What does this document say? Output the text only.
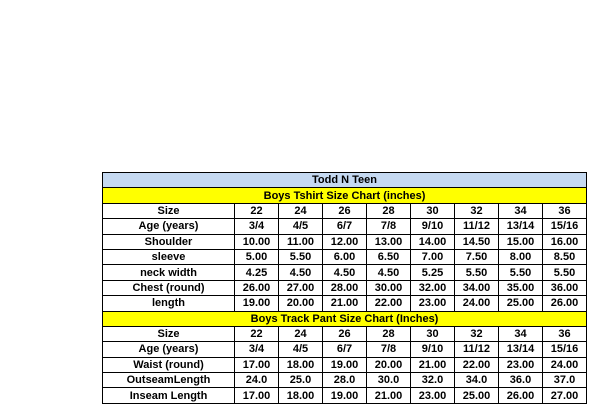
Todd N Teen								
Boys Tshirt Size Chart (inches)								
Size	22	24	26	28	30	32	34	36
Age (years)	3/4	4/5	6/7	7/8	9/10	11/12	13/14	15/16
Shoulder	10.00	11.00	12.00	13.00	14.00	14.50	15.00	16.00
sleeve	5.00	5.50	6.00	6.50	7.00	7.50	8.00	8.50
neck width	4.25	4.50	4.50	4.50	5.25	5.50	5.50	5.50
Chest (round)	26.00	27.00	28.00	30.00	32.00	34.00	35.00	36.00
length	19.00	20.00	21.00	22.00	23.00	24.00	25.00	26.00
Boys Track Pant Size Chart (Inches)								
Size	22	24	26	28	30	32	34	36
Age (years)	3/4	4/5	6/7	7/8	9/10	11/12	13/14	15/16
Waist (round)	17.00	18.00	19.00	20.00	21.00	22.00	23.00	24.00
OutseamLength	24.0	25.0	28.0	30.0	32.0	34.0	36.0	37.0
Inseam Length	17.00	18.00	19.00	21.00	23.00	25.00	26.00	27.00
